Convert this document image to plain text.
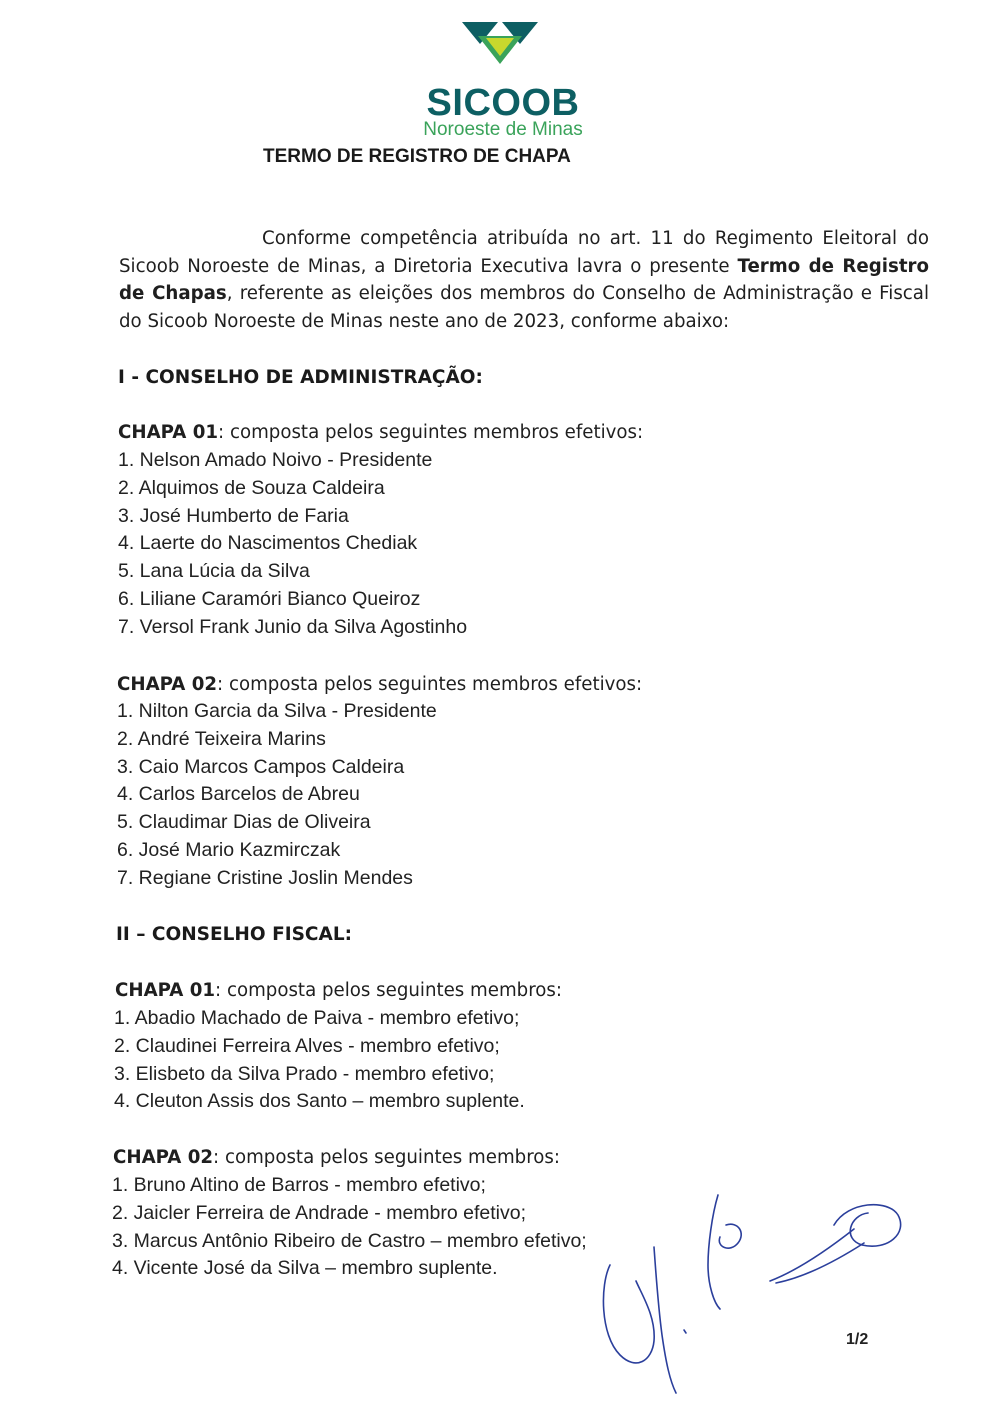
SICOOB
Noroeste de Minas
TERMO DE REGISTRO DE CHAPA
Conforme competência atribuída no art. 11 do Regimento Eleitoral do Sicoob Noroeste de Minas, a Diretoria Executiva lavra o presente Termo de Registro de Chapas, referente as eleições dos membros do Conselho de Administração e Fiscal do Sicoob Noroeste de Minas neste ano de 2023, conforme abaixo:
I - CONSELHO DE ADMINISTRAÇÃO:
CHAPA 01: composta pelos seguintes membros efetivos:
1. Nelson Amado Noivo - Presidente
2. Alquimos de Souza Caldeira
3. José Humberto de Faria
4. Laerte do Nascimentos Chediak
5. Lana Lúcia da Silva
6. Liliane Caramóri Bianco Queiroz
7. Versol Frank Junio da Silva Agostinho
CHAPA 02: composta pelos seguintes membros efetivos:
1. Nilton Garcia da Silva - Presidente
2. André Teixeira Marins
3. Caio Marcos Campos Caldeira
4. Carlos Barcelos de Abreu
5. Claudimar Dias de Oliveira
6. José Mario Kazmirczak
7. Regiane Cristine Joslin Mendes
II – CONSELHO FISCAL:
CHAPA 01: composta pelos seguintes membros:
1. Abadio Machado de Paiva - membro efetivo;
2. Claudinei Ferreira Alves - membro efetivo;
3. Elisbeto da Silva Prado - membro efetivo;
4. Cleuton Assis dos Santo – membro suplente.
CHAPA 02: composta pelos seguintes membros:
1. Bruno Altino de Barros - membro efetivo;
2. Jaicler Ferreira de Andrade - membro efetivo;
3. Marcus Antônio Ribeiro de Castro – membro efetivo;
4. Vicente José da Silva – membro suplente.
1/2
